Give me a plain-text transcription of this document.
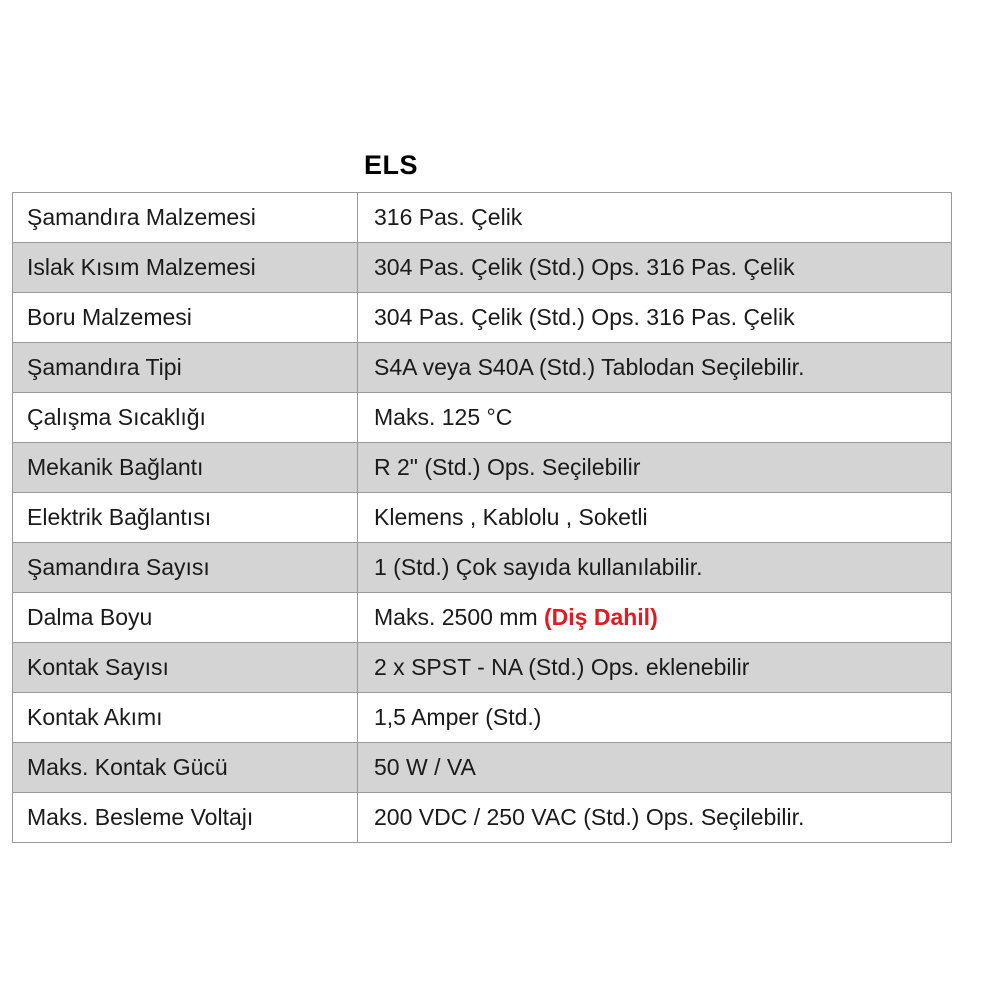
ELS
Şamandıra Malzemesi	316 Pas. Çelik
Islak Kısım Malzemesi	304 Pas. Çelik (Std.) Ops. 316 Pas. Çelik
Boru Malzemesi	304 Pas. Çelik (Std.) Ops. 316 Pas. Çelik
Şamandıra Tipi	S4A veya S40A (Std.) Tablodan Seçilebilir.
Çalışma Sıcaklığı	Maks. 125 °C
Mekanik Bağlantı	R 2" (Std.) Ops. Seçilebilir
Elektrik Bağlantısı	Klemens , Kablolu , Soketli
Şamandıra Sayısı	1 (Std.) Çok sayıda kullanılabilir.
Dalma Boyu	Maks. 2500 mm (Diş Dahil)
Kontak Sayısı	2 x SPST - NA (Std.) Ops. eklenebilir
Kontak Akımı	1,5 Amper (Std.)
Maks. Kontak Gücü	50 W / VA
Maks. Besleme Voltajı	200 VDC / 250 VAC (Std.) Ops. Seçilebilir.
